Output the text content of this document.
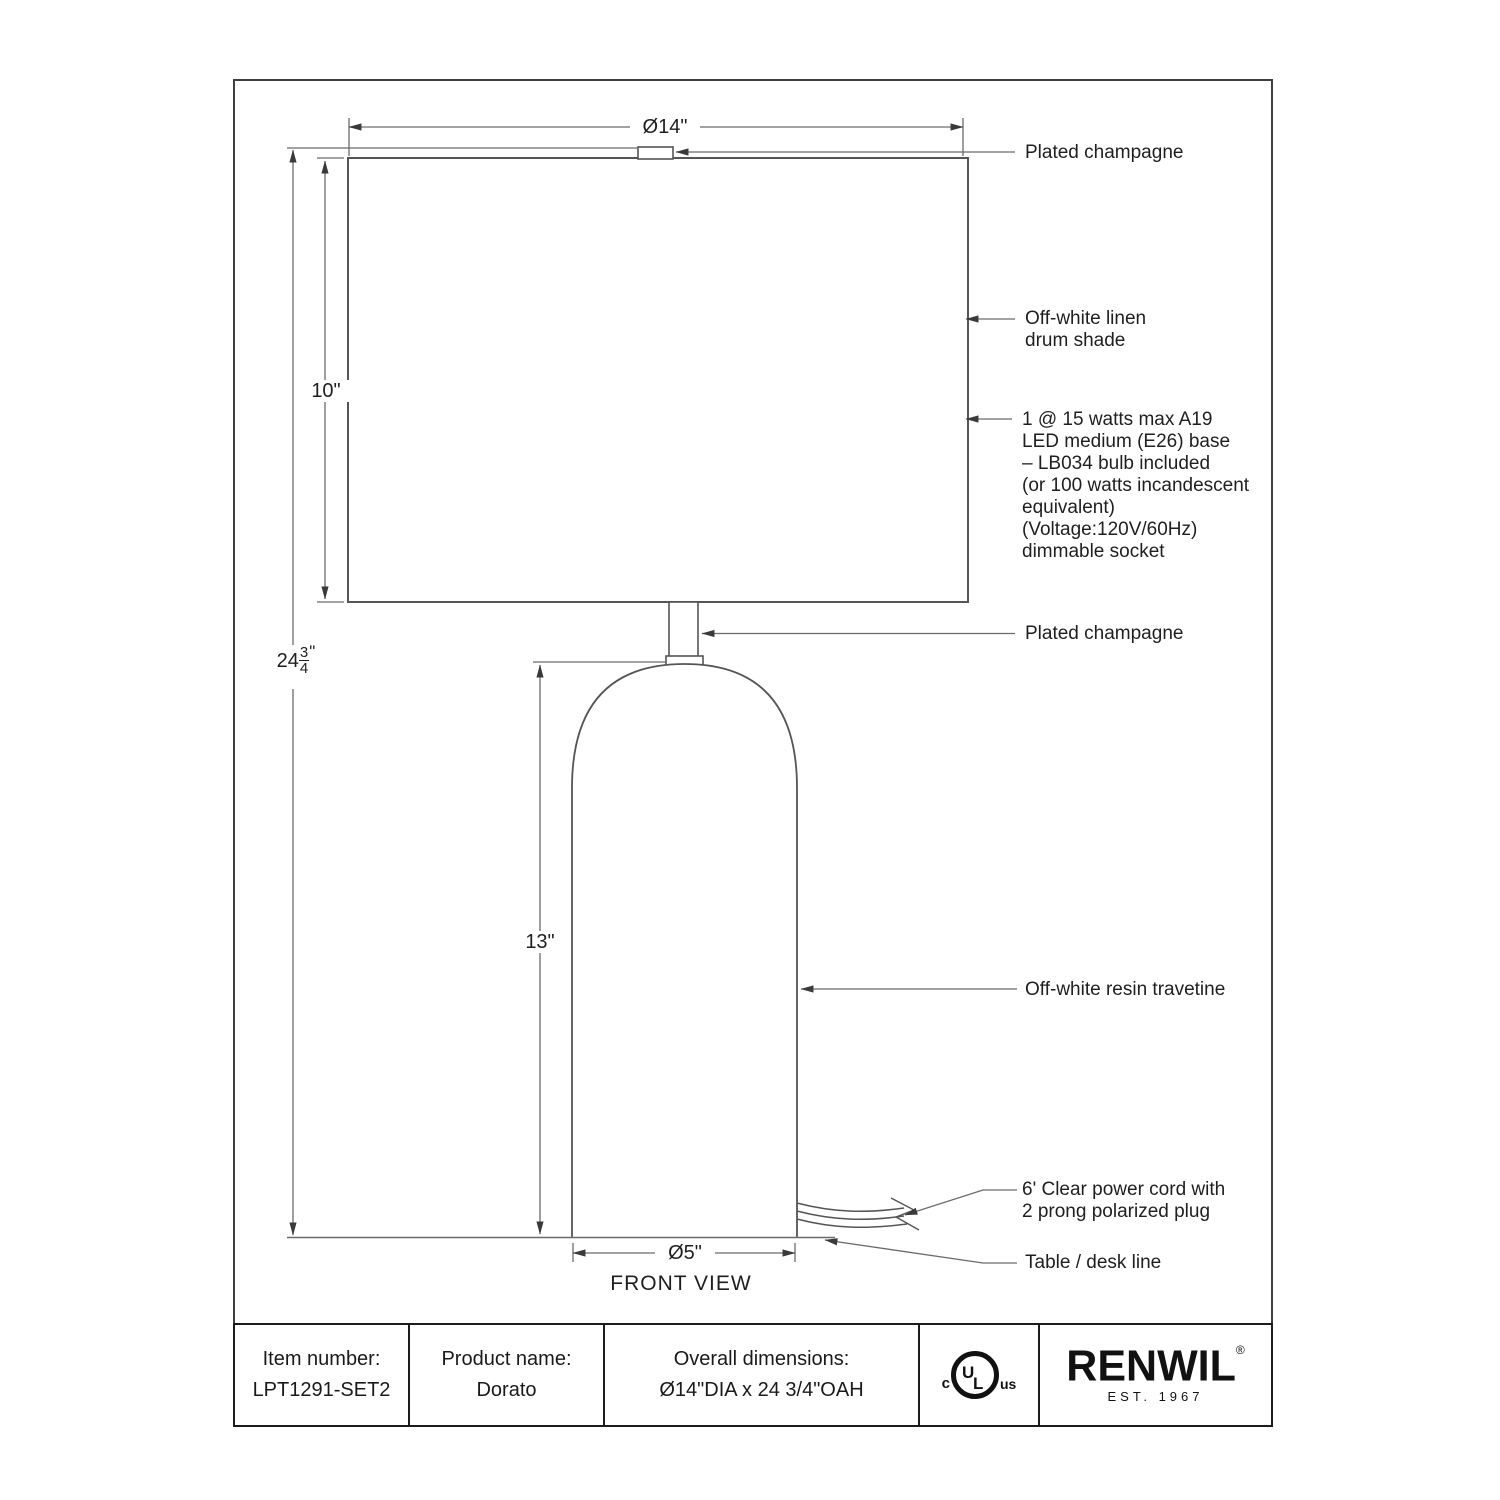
Ø14"
10"
$24 \frac{3}{4}$ "
13"
Ø5"
Plated champagne
Off-white linen
drum shade
1 @ 15 watts max A19
LED medium (E26) base
– LB034 bulb included
(or 100 watts incandescent
equivalent)
(Voltage:120V/60Hz)
dimmable socket
Plated champagne
Off-white resin travetine
6' Clear power cord with
2 prong polarized plug
Table / desk line
FRONT VIEW
Item number:
LPT1291-SET2
Product name:
Dorato
Overall dimensions:
Ø14"DIA x 24 3/4"OAH	c
U
L
®
us RENWIL ®
EST. 1967
